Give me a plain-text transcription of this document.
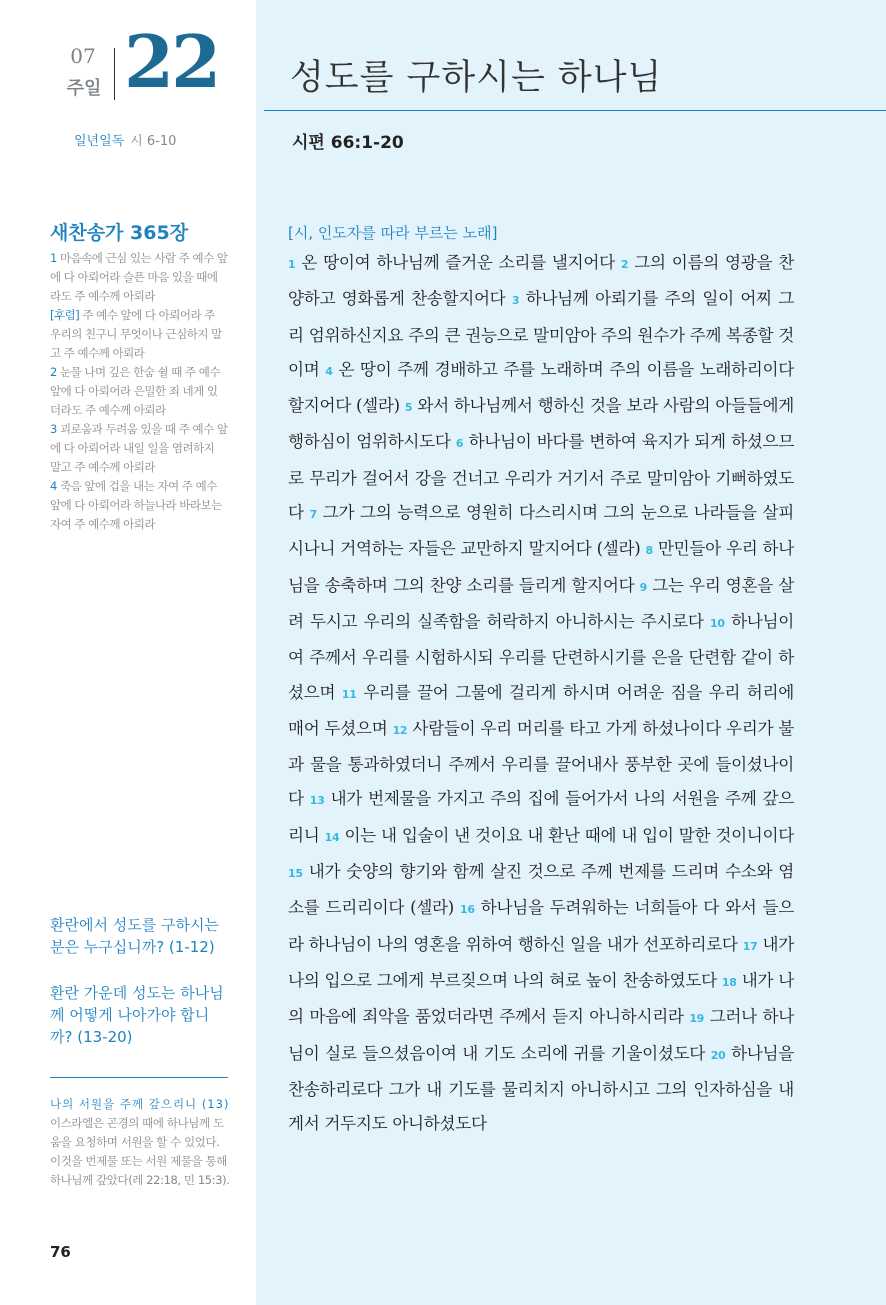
07
주일 22
일년일독 시 6-10
새찬송가 365장
1 마음속에 근심 있는 사람 주 예수 앞에 다 아뢰어라 슬픈 마음 있을 때에라도 주 예수께 아뢰라
[후렴] 주 예수 앞에 다 아뢰어라 주 우리의 친구니 무엇이나 근심하지 말고 주 예수께 아뢰라
2 눈물 나며 깊은 한숨 쉴 때 주 예수 앞에 다 아뢰어라 은밀한 죄 네게 있더라도 주 예수께 아뢰라
3 괴로움과 두려움 있을 때 주 예수 앞에 다 아뢰어라 내일 일을 염려하지 말고 주 예수께 아뢰라
4 죽음 앞에 겁을 내는 자여 주 예수 앞에 다 아뢰어라 하늘나라 바라보는 자여 주 예수께 아뢰라
환란에서 성도를 구하시는 분은 누구십니까? (1-12)
환란 가운데 성도는 하나님께 어떻게 나아가야 합니까? (13-20)
나의 서원을 주께 갚으리니 (13) 이스라엘은 곤경의 때에 하나님께 도움을 요청하며 서원을 할 수 있었다. 이것을 번제물 또는 서원 제물을 통해 하나님께 갚았다(레 22:18, 민 15:3).
76
성도를 구하시는 하나님
시편 66:1-20
[시, 인도자를 따라 부르는 노래]
1 온 땅이여 하나님께 즐거운 소리를 낼지어다 2 그의 이름의 영광을 찬양하고 영화롭게 찬송할지어다 3 하나님께 아뢰기를 주의 일이 어찌 그리 엄위하신지요 주의 큰 권능으로 말미암아 주의 원수가 주께 복종할 것이며 4 온 땅이 주께 경배하고 주를 노래하며 주의 이름을 노래하리이다 할지어다 (셀라) 5 와서 하나님께서 행하신 것을 보라 사람의 아들들에게 행하심이 엄위하시도다 6 하나님이 바다를 변하여 육지가 되게 하셨으므로 무리가 걸어서 강을 건너고 우리가 거기서 주로 말미암아 기뻐하였도다 7 그가 그의 능력으로 영원히 다스리시며 그의 눈으로 나라들을 살피시나니 거역하는 자들은 교만하지 말지어다 (셀라) 8 만민들아 우리 하나님을 송축하며 그의 찬양 소리를 들리게 할지어다 9 그는 우리 영혼을 살려 두시고 우리의 실족함을 허락하지 아니하시는 주시로다 10 하나님이여 주께서 우리를 시험하시되 우리를 단련하시기를 은을 단련함 같이 하셨으며 11 우리를 끌어 그물에 걸리게 하시며 어려운 짐을 우리 허리에 매어 두셨으며 12 사람들이 우리 머리를 타고 가게 하셨나이다 우리가 불과 물을 통과하였더니 주께서 우리를 끌어내사 풍부한 곳에 들이셨나이다 13 내가 번제물을 가지고 주의 집에 들어가서 나의 서원을 주께 갚으리니 14 이는 내 입술이 낸 것이요 내 환난 때에 내 입이 말한 것이니이다 15 내가 숫양의 향기와 함께 살진 것으로 주께 번제를 드리며 수소와 염소를 드리리이다 (셀라) 16 하나님을 두려워하는 너희들아 다 와서 들으라 하나님이 나의 영혼을 위하여 행하신 일을 내가 선포하리로다 17 내가 나의 입으로 그에게 부르짖으며 나의 혀로 높이 찬송하였도다 18 내가 나의 마음에 죄악을 품었더라면 주께서 듣지 아니하시리라 19 그러나 하나님이 실로 들으셨음이여 내 기도 소리에 귀를 기울이셨도다 20 하나님을 찬송하리로다 그가 내 기도를 물리치지 아니하시고 그의 인자하심을 내게서 거두지도 아니하셨도다
